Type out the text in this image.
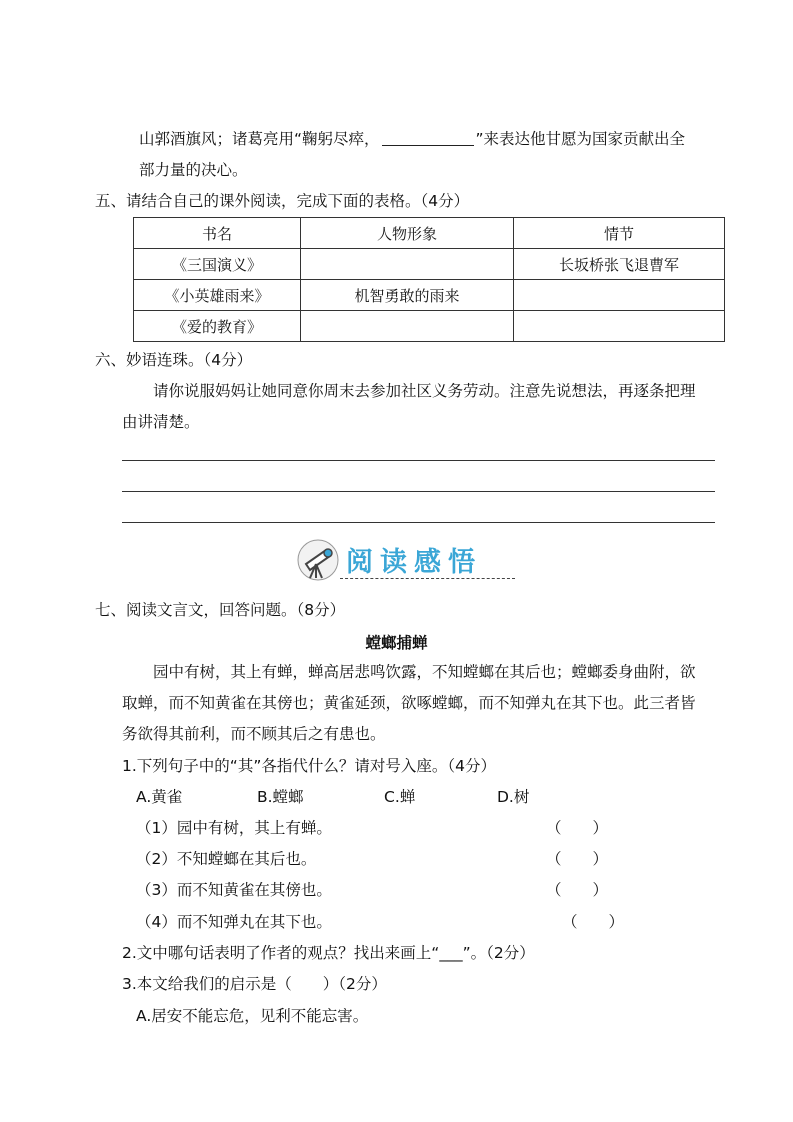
山郭酒旗风；诸葛亮用“鞠躬尽瘁，	”来表达他甘愿为国家贡献出全
部力量的决心。
五、请结合自己的课外阅读，完成下面的表格。（4分）
书名	人物形象	情节
《三国演义》		长坂桥张飞退曹军
《小英雄雨来》	机智勇敢的雨来	
《爱的教育》		
六、妙语连珠。（4分）
请你说服妈妈让她同意你周末去参加社区义务劳动。注意先说想法，再逐条把理
由讲清楚。
阅读感悟
七、阅读文言文，回答问题。（8分）
螳螂捕蝉
园中有树，其上有蝉，蝉高居悲鸣饮露，不知螳螂在其后也；螳螂委身曲附，欲
取蝉，而不知黄雀在其傍也；黄雀延颈，欲啄螳螂，而不知弹丸在其下也。此三者皆
务欲得其前利，而不顾其后之有患也。
1.下列句子中的“其”各指代什么？请对号入座。（4分）
A.黄雀	B.螳螂	C.蝉	D.树
（1）园中有树，其上有蝉。	（　　）
（2）不知螳螂在其后也。	（　　）
（3）而不知黄雀在其傍也。	（　　）
（4）而不知弹丸在其下也。	（　　）
2.文中哪句话表明了作者的观点？找出来画上“___”。（2分）
3.本文给我们的启示是（　　）（2分）
A.居安不能忘危，见利不能忘害。
